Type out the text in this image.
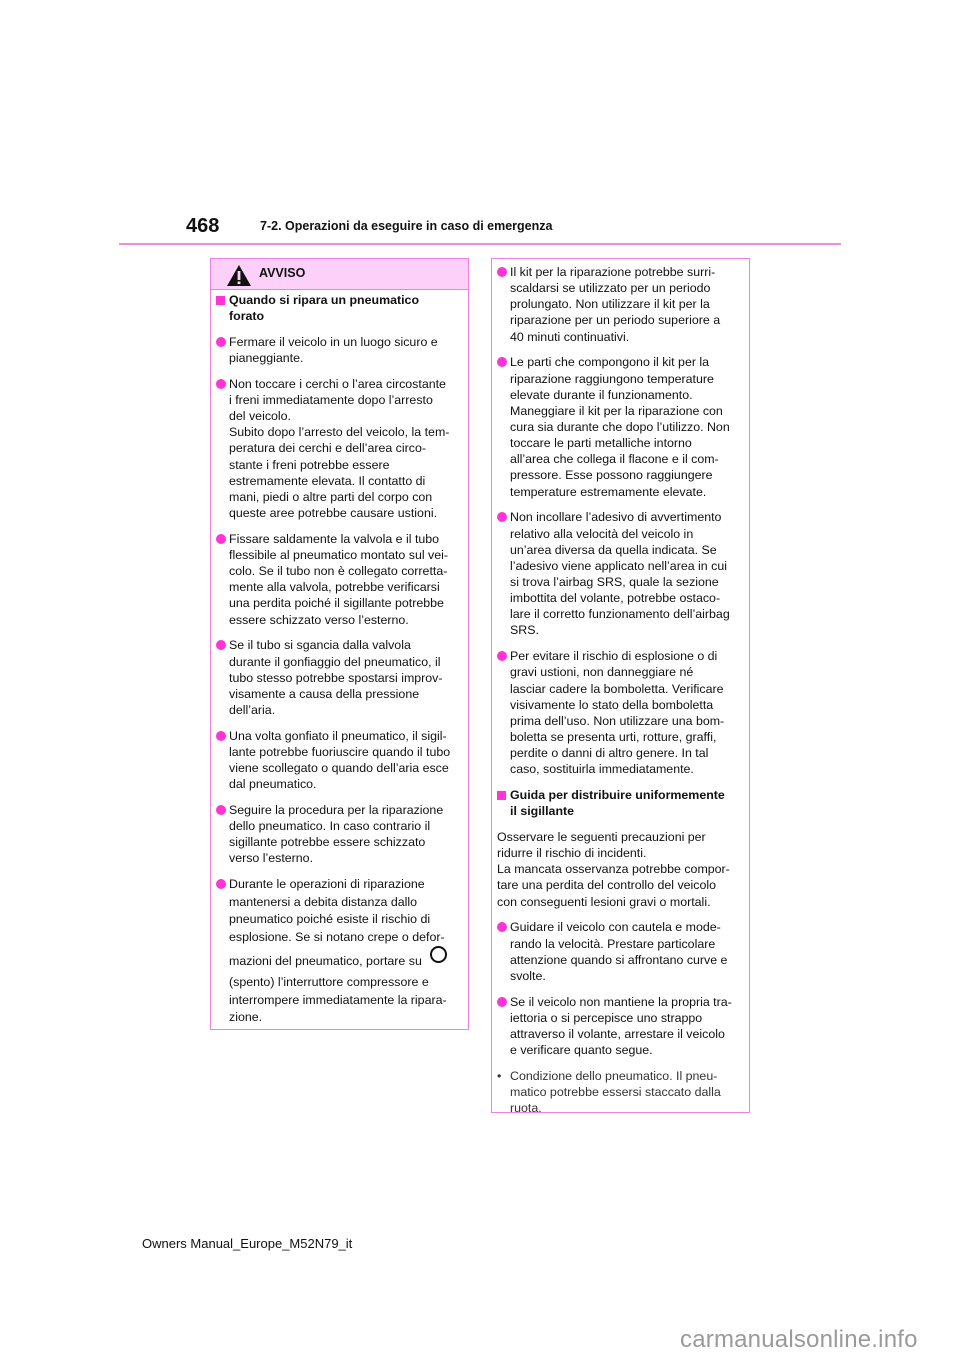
468	7-2. Operazioni da eseguire in caso di emergenza
AVVISO
Quando si ripara un pneumatico
forato
Fermare il veicolo in un luogo sicuro e
pianeggiante.
Non toccare i cerchi o l’area circostante
i freni immediatamente dopo l’arresto
del veicolo.
Subito dopo l’arresto del veicolo, la tem-
peratura dei cerchi e dell’area circo-
stante i freni potrebbe essere
estremamente elevata. Il contatto di
mani, piedi o altre parti del corpo con
queste aree potrebbe causare ustioni.
Fissare saldamente la valvola e il tubo
flessibile al pneumatico montato sul vei-
colo. Se il tubo non è collegato corretta-
mente alla valvola, potrebbe verificarsi
una perdita poiché il sigillante potrebbe
essere schizzato verso l’esterno.
Se il tubo si sgancia dalla valvola
durante il gonfiaggio del pneumatico, il
tubo stesso potrebbe spostarsi improv-
visamente a causa della pressione
dell’aria.
Una volta gonfiato il pneumatico, il sigil-
lante potrebbe fuoriuscire quando il tubo
viene scollegato o quando dell’aria esce
dal pneumatico.
Seguire la procedura per la riparazione
dello pneumatico. In caso contrario il
sigillante potrebbe essere schizzato
verso l’esterno.
Durante le operazioni di riparazione
mantenersi a debita distanza dallo
pneumatico poiché esiste il rischio di
esplosione. Se si notano crepe o defor-
mazioni del pneumatico, portare su
(spento) l’interruttore compressore e
interrompere immediatamente la ripara-
zione.
Il kit per la riparazione potrebbe surri-
scaldarsi se utilizzato per un periodo
prolungato. Non utilizzare il kit per la
riparazione per un periodo superiore a
40 minuti continuativi.
Le parti che compongono il kit per la
riparazione raggiungono temperature
elevate durante il funzionamento.
Maneggiare il kit per la riparazione con
cura sia durante che dopo l’utilizzo. Non
toccare le parti metalliche intorno
all’area che collega il flacone e il com-
pressore. Esse possono raggiungere
temperature estremamente elevate.
Non incollare l’adesivo di avvertimento
relativo alla velocità del veicolo in
un’area diversa da quella indicata. Se
l’adesivo viene applicato nell’area in cui
si trova l’airbag SRS, quale la sezione
imbottita del volante, potrebbe ostaco-
lare il corretto funzionamento dell’airbag
SRS.
Per evitare il rischio di esplosione o di
gravi ustioni, non danneggiare né
lasciar cadere la bomboletta. Verificare
visivamente lo stato della bomboletta
prima dell’uso. Non utilizzare una bom-
boletta se presenta urti, rotture, graffi,
perdite o danni di altro genere. In tal
caso, sostituirla immediatamente.
Guida per distribuire uniformemente
il sigillante
Osservare le seguenti precauzioni per
ridurre il rischio di incidenti.
La mancata osservanza potrebbe compor-
tare una perdita del controllo del veicolo
con conseguenti lesioni gravi o mortali.
Guidare il veicolo con cautela e mode-
rando la velocità. Prestare particolare
attenzione quando si affrontano curve e
svolte.
Se il veicolo non mantiene la propria tra-
iettoria o si percepisce uno strappo
attraverso il volante, arrestare il veicolo
e verificare quanto segue.
• Condizione dello pneumatico. Il pneu-
matico potrebbe essersi staccato dalla
ruota.
Owners Manual_Europe_M52N79_it
carmanualsonline.info
